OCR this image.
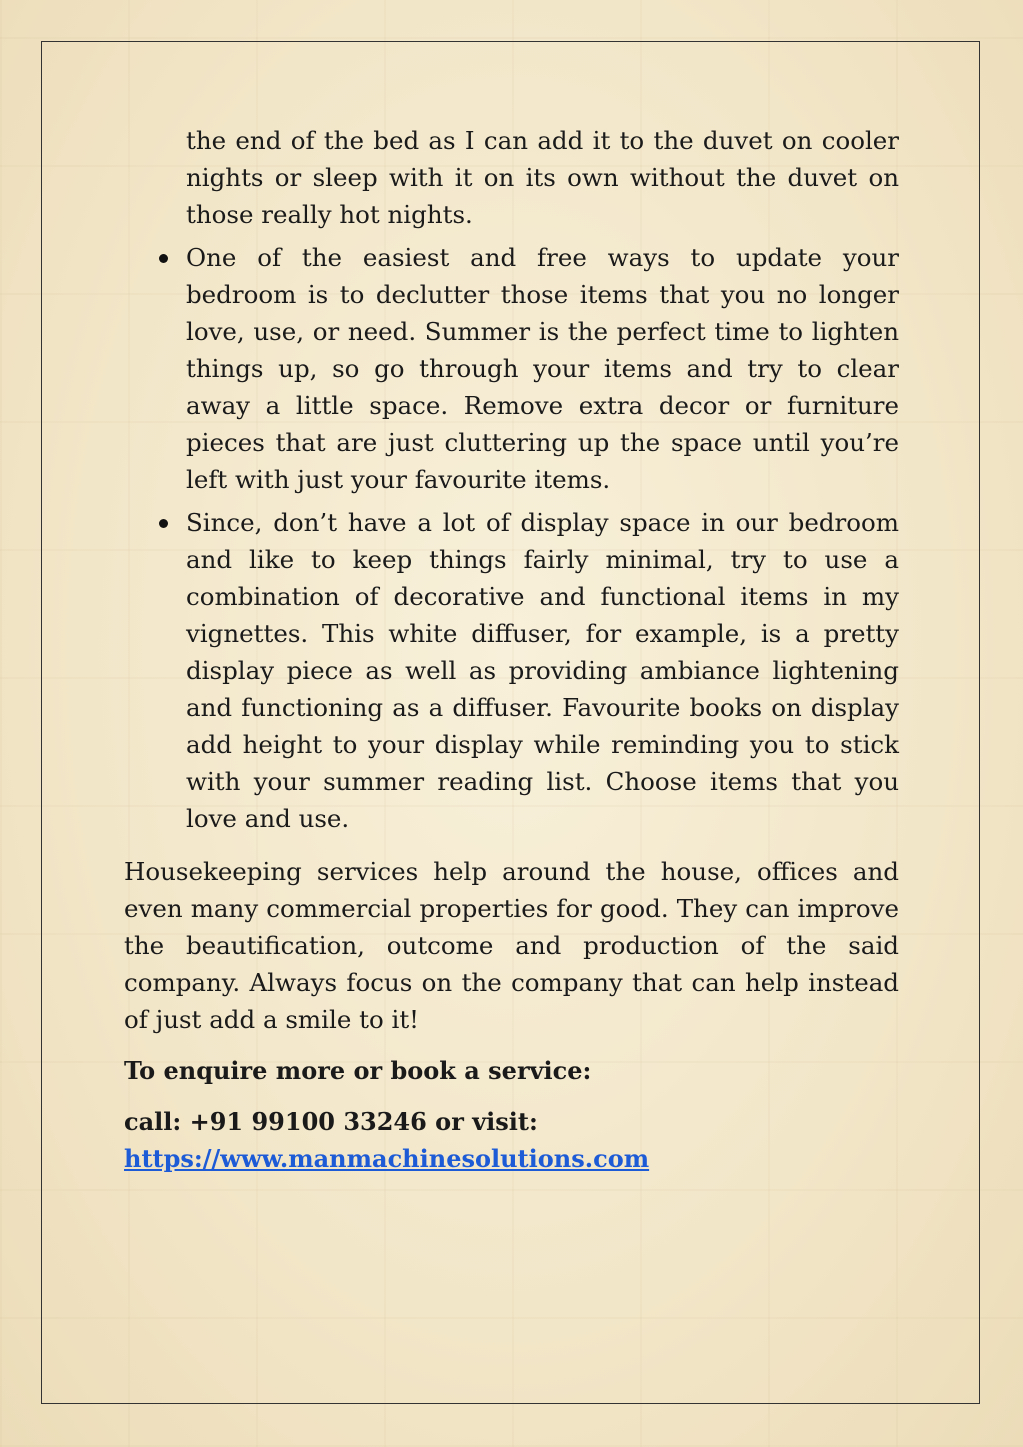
the end of the bed as I can add it to the duvet on cooler nights or sleep with it on its own without the duvet on those really hot nights.
One of the easiest and free ways to update your bedroom is to declutter those items that you no longer love, use, or need. Summer is the perfect time to lighten things up, so go through your items and try to clear away a little space. Remove extra decor or furniture pieces that are just cluttering up the space until you’re left with just your favourite items.
Since, don’t have a lot of display space in our bedroom and like to keep things fairly minimal, try to use a combination of decorative and functional items in my vignettes. This white diffuser, for example, is a pretty display piece as well as providing ambiance lightening and functioning as a diffuser. Favourite books on display add height to your display while reminding you to stick with your summer reading list. Choose items that you love and use.

Housekeeping services help around the house, offices and even many commercial properties for good. They can improve the beautification, outcome and production of the said company. Always focus on the company that can help instead of just add a smile to it!

To enquire more or book a service:

call: +91 99100 33246 or visit:
https://www.manmachinesolutions.com
